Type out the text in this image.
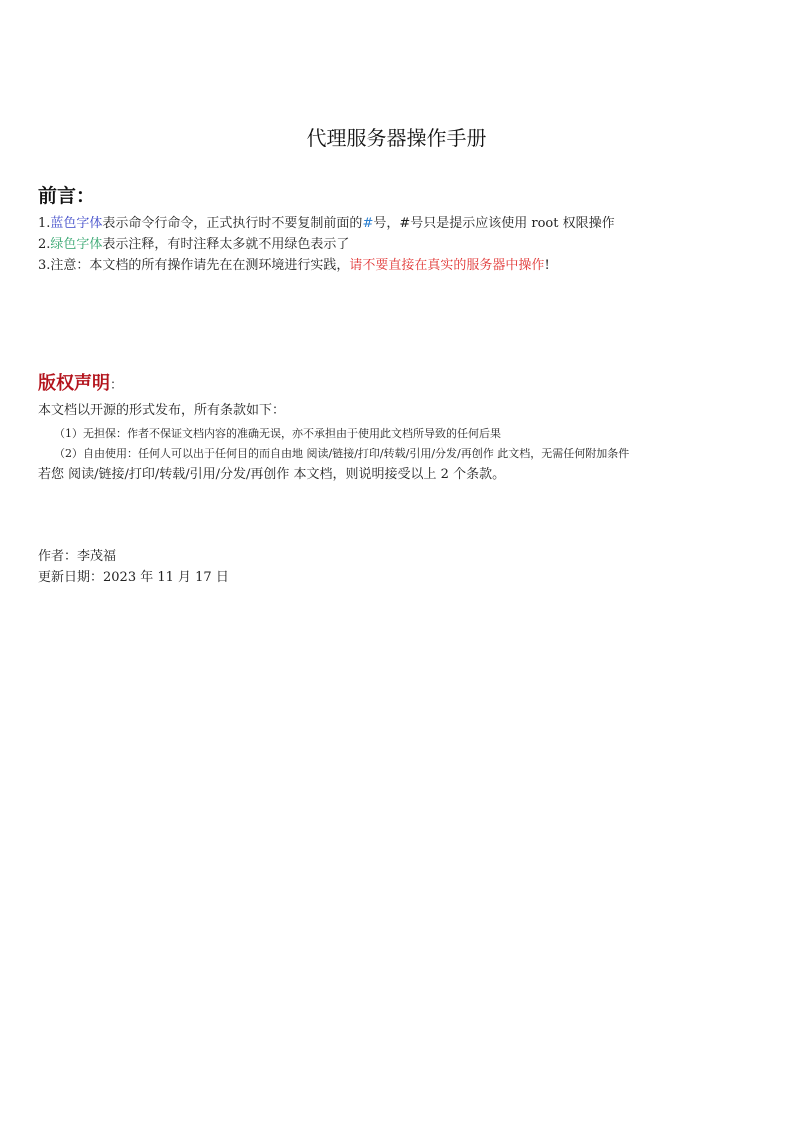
代理服务器操作手册
前言：
1.蓝色字体表示命令行命令，正式执行时不要复制前面的#号，#号只是提示应该使用 root 权限操作
2.绿色字体表示注释，有时注释太多就不用绿色表示了
3.注意：本文档的所有操作请先在在测环境进行实践，请不要直接在真实的服务器中操作!
版权声明：
本文档以开源的形式发布，所有条款如下：
（1）无担保：作者不保证文档内容的准确无误，亦不承担由于使用此文档所导致的任何后果
（2）自由使用：任何人可以出于任何目的而自由地 阅读/链接/打印/转载/引用/分发/再创作 此文档，无需任何附加条件
若您 阅读/链接/打印/转载/引用/分发/再创作 本文档，则说明接受以上 2 个条款。
作者：李茂福
更新日期：2023 年 11 月 17 日
